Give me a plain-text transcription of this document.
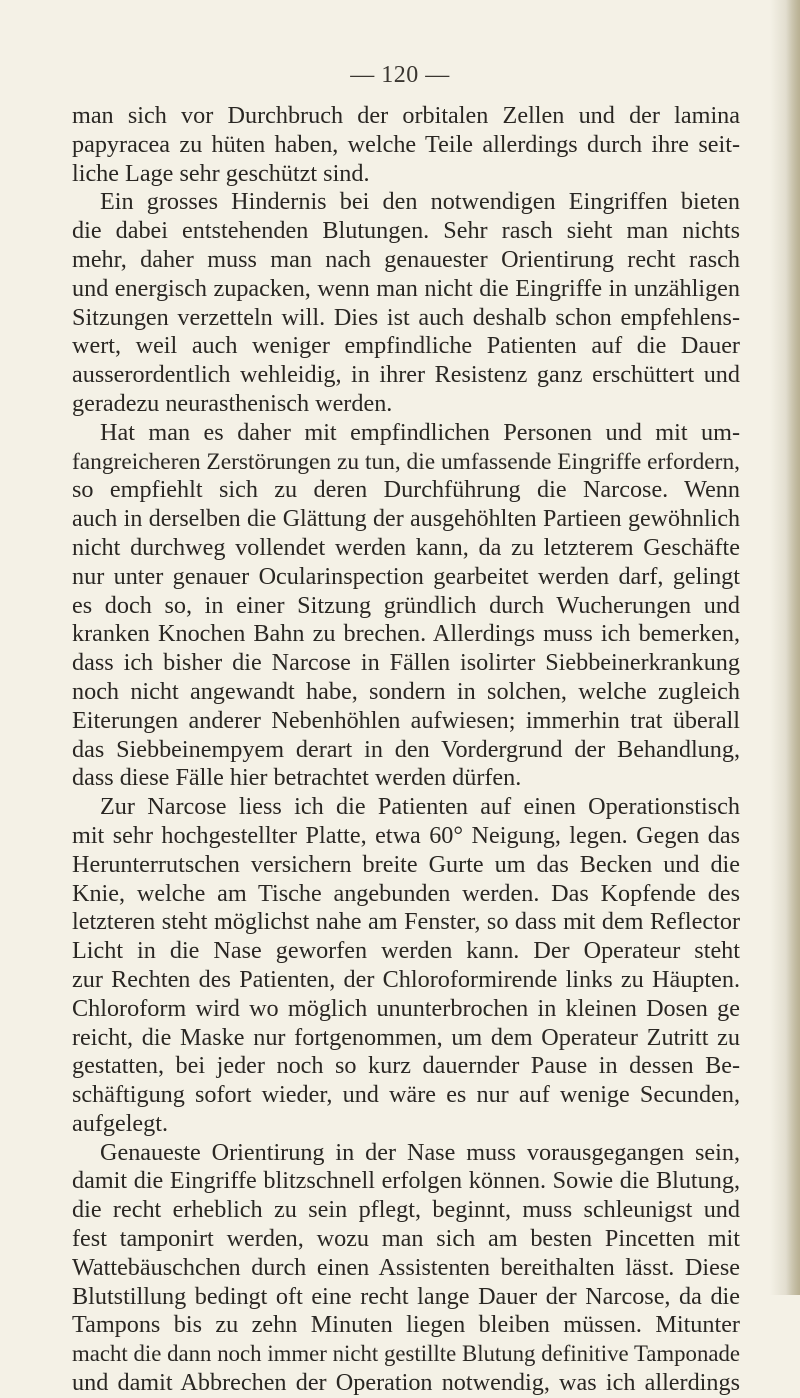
— 120 —
man sich vor Durchbruch der orbitalen Zellen und der lamina
papyracea zu hüten haben, welche Teile allerdings durch ihre seit-
liche Lage sehr geschützt sind.
Ein grosses Hindernis bei den notwendigen Eingriffen bieten
die dabei entstehenden Blutungen. Sehr rasch sieht man nichts
mehr, daher muss man nach genauester Orientirung recht rasch
und energisch zupacken, wenn man nicht die Eingriffe in unzähligen
Sitzungen verzetteln will. Dies ist auch deshalb schon empfehlens-
wert, weil auch weniger empfindliche Patienten auf die Dauer
ausserordentlich wehleidig, in ihrer Resistenz ganz erschüttert und
geradezu neurasthenisch werden.
Hat man es daher mit empfindlichen Personen und mit um-
fangreicheren Zerstörungen zu tun, die umfassende Eingriffe erfordern,
so empfiehlt sich zu deren Durchführung die Narcose. Wenn
auch in derselben die Glättung der ausgehöhlten Partieen gewöhnlich
nicht durchweg vollendet werden kann, da zu letzterem Geschäfte
nur unter genauer Ocularinspection gearbeitet werden darf, gelingt
es doch so, in einer Sitzung gründlich durch Wucherungen und
kranken Knochen Bahn zu brechen. Allerdings muss ich bemerken,
dass ich bisher die Narcose in Fällen isolirter Siebbeinerkrankung
noch nicht angewandt habe, sondern in solchen, welche zugleich
Eiterungen anderer Nebenhöhlen aufwiesen; immerhin trat überall
das Siebbeinempyem derart in den Vordergrund der Behandlung,
dass diese Fälle hier betrachtet werden dürfen.
Zur Narcose liess ich die Patienten auf einen Operationstisch
mit sehr hochgestellter Platte, etwa 60° Neigung, legen. Gegen das
Herunterrutschen versichern breite Gurte um das Becken und die
Knie, welche am Tische angebunden werden. Das Kopfende des
letzteren steht möglichst nahe am Fenster, so dass mit dem Reflector
Licht in die Nase geworfen werden kann. Der Operateur steht
zur Rechten des Patienten, der Chloroformirende links zu Häupten.
Chloroform wird wo möglich ununterbrochen in kleinen Dosen ge
reicht, die Maske nur fortgenommen, um dem Operateur Zutritt zu
gestatten, bei jeder noch so kurz dauernder Pause in dessen Be-
schäftigung sofort wieder, und wäre es nur auf wenige Secunden,
aufgelegt.
Genaueste Orientirung in der Nase muss vorausgegangen sein,
damit die Eingriffe blitzschnell erfolgen können. Sowie die Blutung,
die recht erheblich zu sein pflegt, beginnt, muss schleunigst und
fest tamponirt werden, wozu man sich am besten Pincetten mit
Wattebäuschchen durch einen Assistenten bereithalten lässt. Diese
Blutstillung bedingt oft eine recht lange Dauer der Narcose, da die
Tampons bis zu zehn Minuten liegen bleiben müssen. Mitunter
macht die dann noch immer nicht gestillte Blutung definitive Tamponade
und damit Abbrechen der Operation notwendig, was ich allerdings
